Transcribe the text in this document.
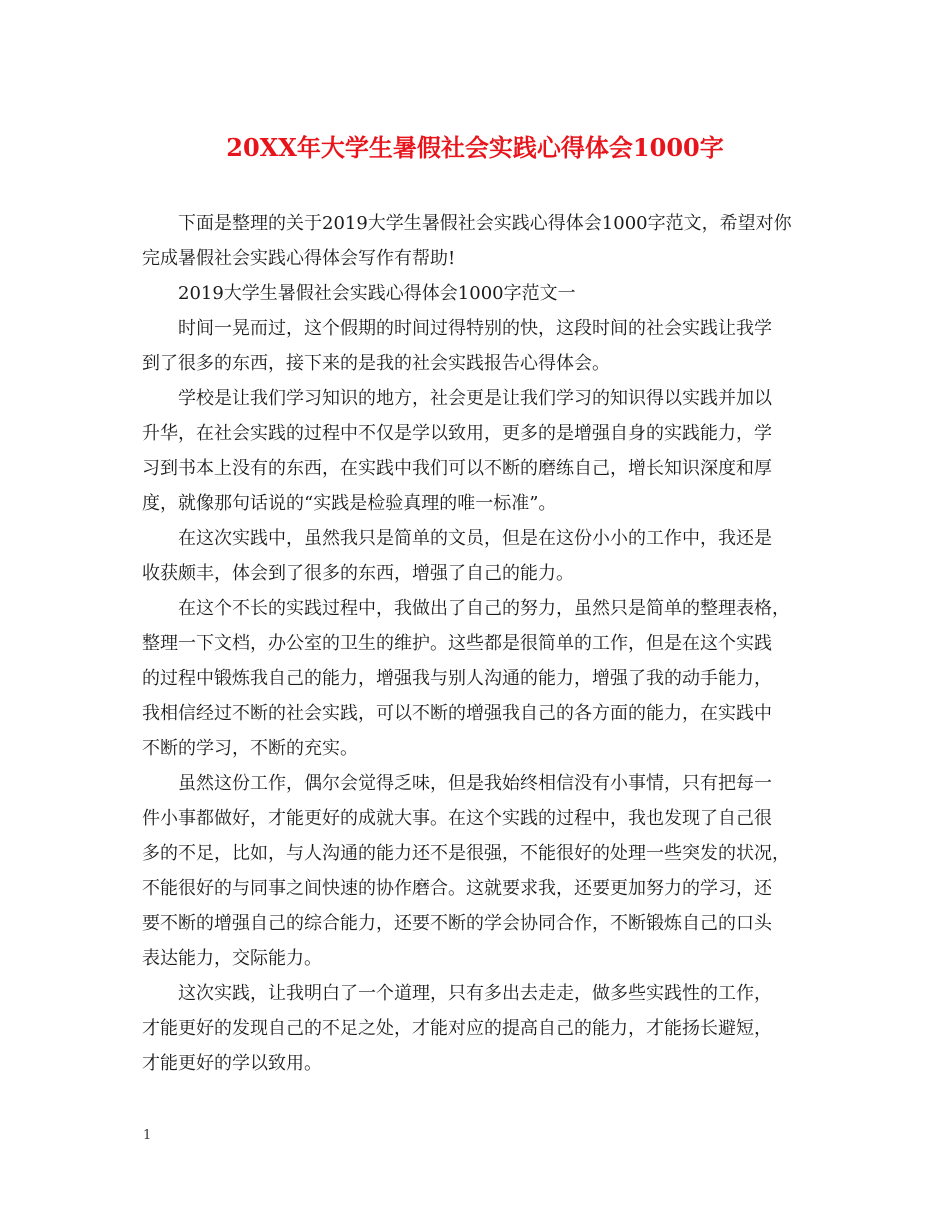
20XX年大学生暑假社会实践心得体会1000字

下面是整理的关于2019大学生暑假社会实践心得体会1000字范文，希望对你
完成暑假社会实践心得体会写作有帮助!

2019大学生暑假社会实践心得体会1000字范文一

时间一晃而过，这个假期的时间过得特别的快，这段时间的社会实践让我学
到了很多的东西，接下来的是我的社会实践报告心得体会。

学校是让我们学习知识的地方，社会更是让我们学习的知识得以实践并加以
升华，在社会实践的过程中不仅是学以致用，更多的是增强自身的实践能力，学
习到书本上没有的东西，在实践中我们可以不断的磨练自己，增长知识深度和厚
度，就像那句话说的“实践是检验真理的唯一标准”。

在这次实践中，虽然我只是简单的文员，但是在这份小小的工作中，我还是
收获颇丰，体会到了很多的东西，增强了自己的能力。

在这个不长的实践过程中，我做出了自己的努力，虽然只是简单的整理表格，
整理一下文档，办公室的卫生的维护。这些都是很简单的工作，但是在这个实践
的过程中锻炼我自己的能力，增强我与别人沟通的能力，增强了我的动手能力，
我相信经过不断的社会实践，可以不断的增强我自己的各方面的能力，在实践中
不断的学习，不断的充实。

虽然这份工作，偶尔会觉得乏味，但是我始终相信没有小事情，只有把每一
件小事都做好，才能更好的成就大事。在这个实践的过程中，我也发现了自己很
多的不足，比如，与人沟通的能力还不是很强，不能很好的处理一些突发的状况，
不能很好的与同事之间快速的协作磨合。这就要求我，还要更加努力的学习，还
要不断的增强自己的综合能力，还要不断的学会协同合作，不断锻炼自己的口头
表达能力，交际能力。

这次实践，让我明白了一个道理，只有多出去走走，做多些实践性的工作，
才能更好的发现自己的不足之处，才能对应的提高自己的能力，才能扬长避短，
才能更好的学以致用。

1
